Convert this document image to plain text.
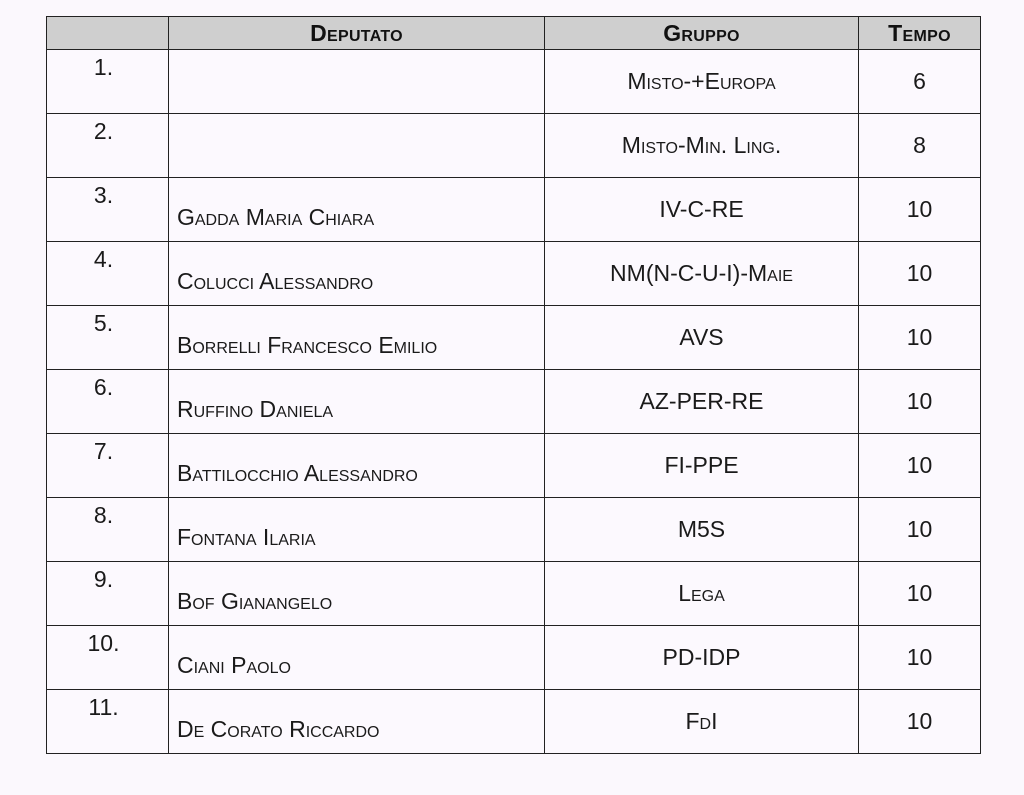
	Deputato	Gruppo	Tempo
1.		Misto-+Europa	6
2.		Misto-Min. Ling.	8
3.	Gadda Maria Chiara	IV-C-RE	10
4.	Colucci Alessandro	NM(N-C-U-I)-Maie	10
5.	Borrelli Francesco Emilio	AVS	10
6.	Ruffino Daniela	AZ-PER-RE	10
7.	Battilocchio Alessandro	FI-PPE	10
8.	Fontana Ilaria	M5S	10
9.	Bof Gianangelo	Lega	10
10.	Ciani Paolo	PD-IDP	10
11.	De Corato Riccardo	FdI	10
